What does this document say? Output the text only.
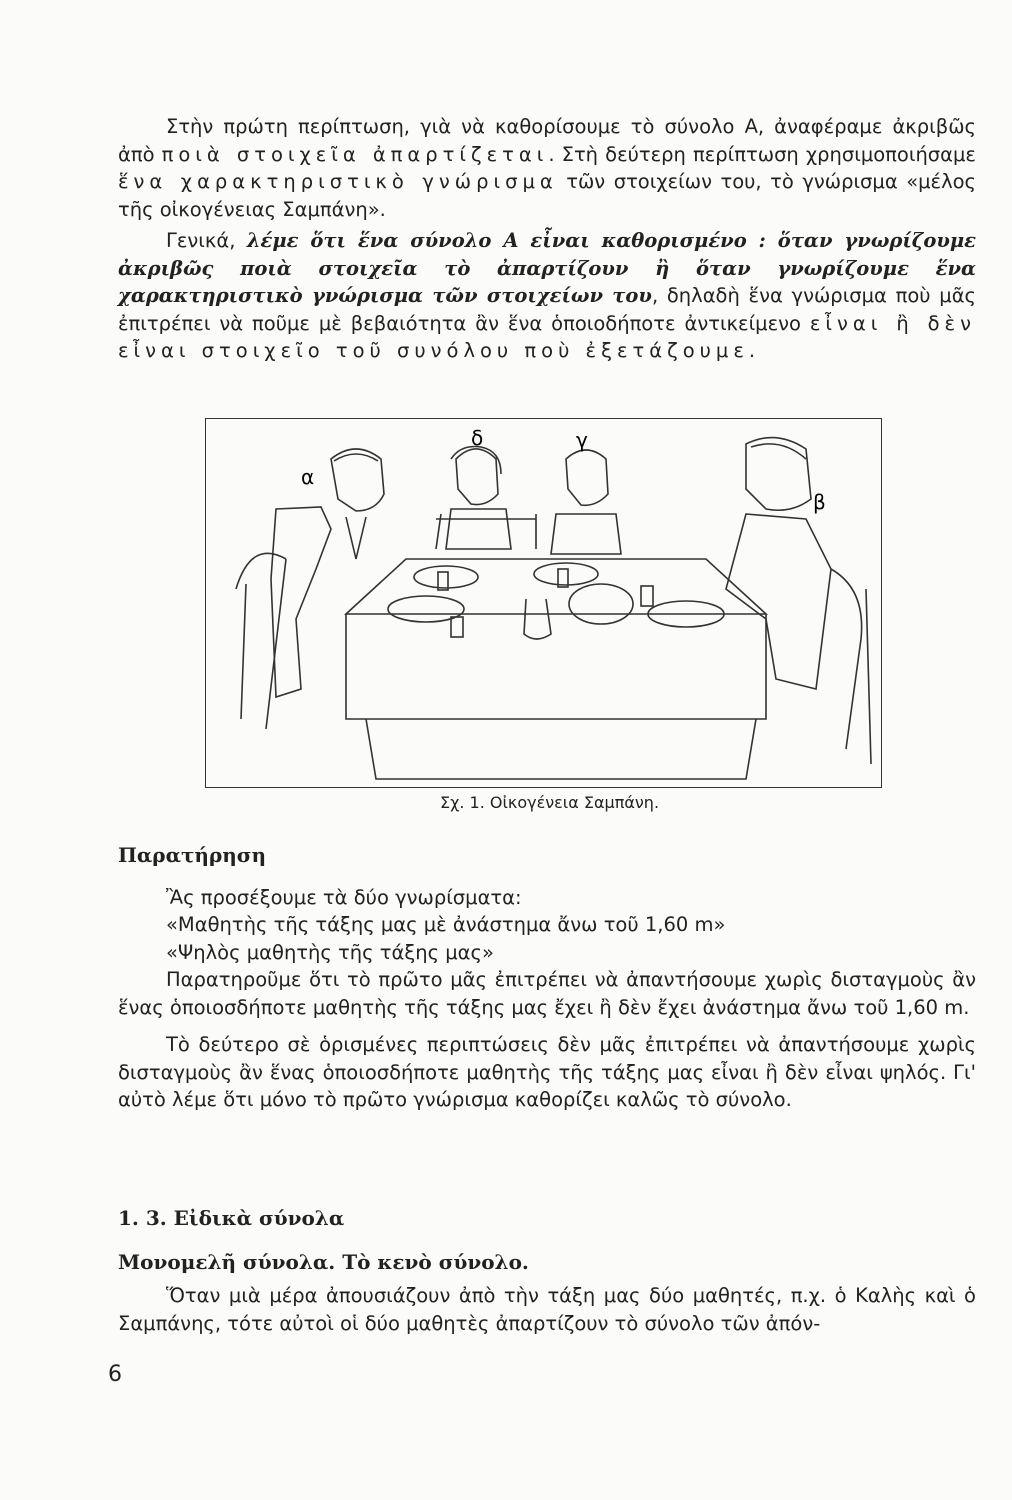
Στὴν πρώτη περίπτωση, γιὰ νὰ καθορίσουμε τὸ σύνολο Α, ἀναφέραμε ἀκριβῶς ἀπὸ ποιὰ στοιχεῖα ἀπαρτίζεται. Στὴ δεύτερη περίπτωση χρησιμοποιήσαμε ἕνα χαρακτηριστικὸ γνώρισμα τῶν στοιχείων του, τὸ γνώρισμα «μέλος τῆς οἰκογένειας Σαμπάνη».

Γενικά, λέμε ὅτι ἕνα σύνολο Α εἶναι καθορισμένο : ὅταν γνωρίζουμε ἀκριβῶς ποιὰ στοιχεῖα τὸ ἀπαρτίζουν ἢ ὅταν γνωρίζουμε ἕνα χαρακτηριστικὸ γνώρισμα τῶν στοιχείων του, δηλαδὴ ἕνα γνώρισμα ποὺ μᾶς ἐπιτρέπει νὰ ποῦμε μὲ βεβαιότητα ἂν ἕνα ὁποιοδήποτε ἀντικείμενο εἶναι ἢ δὲν εἶναι στοιχεῖο τοῦ συνόλου ποὺ ἐξετάζουμε.

α
δ	γ
β
Σχ. 1. Οἰκογένεια Σαμπάνη.

Παρατήρηση

Ἂς προσέξουμε τὰ δύο γνωρίσματα:

«Μαθητὴς τῆς τάξης μας μὲ ἀνάστημα ἄνω τοῦ 1,60 m»

«Ψηλὸς μαθητὴς τῆς τάξης μας»

Παρατηροῦμε ὅτι τὸ πρῶτο μᾶς ἐπιτρέπει νὰ ἀπαντήσουμε χωρὶς δισταγμοὺς ἂν ἕνας ὁποιοσδήποτε μαθητὴς τῆς τάξης μας ἔχει ἢ δὲν ἔχει ἀνάστημα ἄνω τοῦ 1,60 m.

Τὸ δεύτερο σὲ ὁρισμένες περιπτώσεις δὲν μᾶς ἐπιτρέπει νὰ ἀπαντήσουμε χωρὶς δισταγμοὺς ἂν ἕνας ὁποιοσδήποτε μαθητὴς τῆς τάξης μας εἶναι ἢ δὲν εἶναι ψηλός. Γι' αὐτὸ λέμε ὅτι μόνο τὸ πρῶτο γνώρισμα καθορίζει καλῶς τὸ σύνολο.

1. 3. Εἰδικὰ σύνολα

Μονομελῆ σύνολα. Τὸ κενὸ σύνολο.

Ὅταν μιὰ μέρα ἀπουσιάζουν ἀπὸ τὴν τάξη μας δύο μαθητές, π.χ. ὁ Καλὴς καὶ ὁ Σαμπάνης, τότε αὐτοὶ οἱ δύο μαθητὲς ἀπαρτίζουν τὸ σύνολο τῶν ἀπόν-

6
